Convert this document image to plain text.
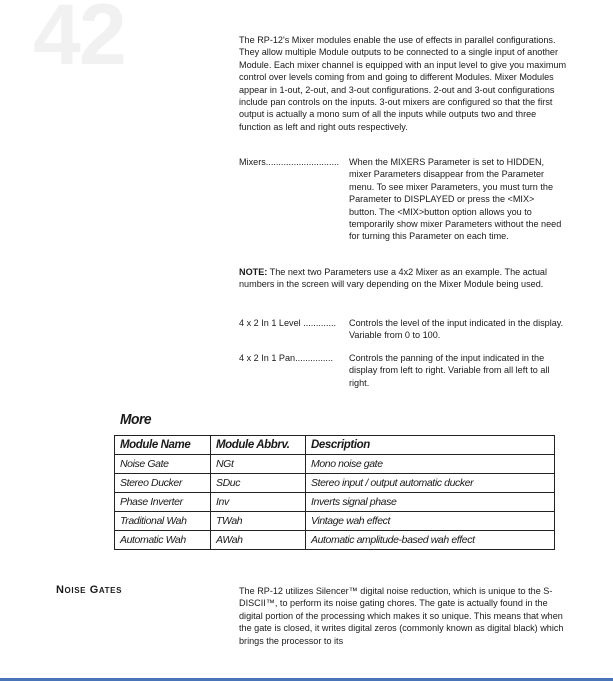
42	The RP-12's Mixer modules enable the use of effects in parallel configurations. They allow multiple Module outputs to be connected to a single input of another Module. Each mixer channel is equipped with an input level to give you maximum control over levels coming from and going to different Modules. Mixer Modules appear in 1-out, 2-out, and 3-out configurations. 2-out and 3-out configurations include pan controls on the inputs. 3-out mixers are configured so that the first output is actually a mono sum of all the inputs while outputs two and three function as left and right outs respectively.

Mixers.............................	When the MIXERS Parameter is set to HIDDEN, mixer Parameters disappear from the Parameter menu. To see mixer Parameters, you must turn the Parameter to DISPLAYED or press the <MIX> button. The <MIX>button option allows you to temporarily show mixer Parameters without the need for turning this Parameter on each time.

NOTE: The next two Parameters use a 4x2 Mixer as an example. The actual numbers in the screen will vary depending on the Mixer Module being used.

4 x 2 In 1 Level .............	Controls the level of the input indicated in the display. Variable from 0 to 100.
4 x 2 In 1 Pan...............	Controls the panning of the input indicated in the display from left to right. Variable from all left to all right.
More
Module Name	Module Abbrv.	Description
Noise Gate	NGt	Mono noise gate
Stereo Ducker	SDuc	Stereo input / output automatic ducker
Phase Inverter	Inv	Inverts signal phase
Traditional Wah	TWah	Vintage wah effect
Automatic Wah	AWah	Automatic amplitude-based wah effect
Noise Gates	The RP-12 utilizes Silencer™ digital noise reduction, which is unique to the S-DISCII™, to perform its noise gating chores. The gate is actually found in the digital portion of the processing which makes it so unique. This means that when the gate is closed, it writes digital zeros (commonly known as digital black) which brings the processor to its
